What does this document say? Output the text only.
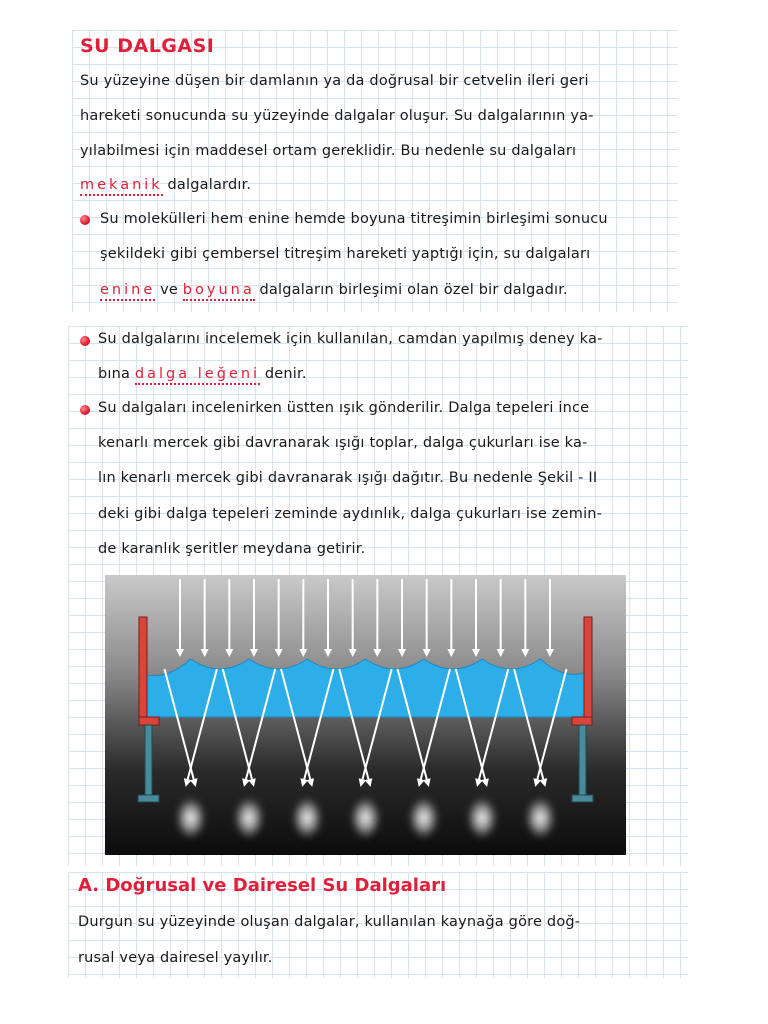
SU DALGASI
Su yüzeyine düşen bir damlanın ya da doğrusal bir cetvelin ileri geri
hareketi sonucunda su yüzeyinde dalgalar oluşur. Su dalgalarının ya-
yılabilmesi için maddesel ortam gereklidir. Bu nedenle su dalgaları
mekanik dalgalardır.
Su molekülleri hem enine hemde boyuna titreşimin birleşimi sonucu
şekildeki gibi çembersel titreşim hareketi yaptığı için, su dalgaları
enine ve boyuna dalgaların birleşimi olan özel bir dalgadır.
Su dalgalarını incelemek için kullanılan, camdan yapılmış deney ka-
bına dalga leğeni denir.
Su dalgaları incelenirken üstten ışık gönderilir. Dalga tepeleri ince
kenarlı mercek gibi davranarak ışığı toplar, dalga çukurları ise ka-
lın kenarlı mercek gibi davranarak ışığı dağıtır. Bu nedenle Şekil - II
deki gibi dalga tepeleri zeminde aydınlık, dalga çukurları ise zemin-
de karanlık şeritler meydana getirir.
A. Doğrusal ve Dairesel Su Dalgaları
Durgun su yüzeyinde oluşan dalgalar, kullanılan kaynağa göre doğ-
rusal veya dairesel yayılır.
